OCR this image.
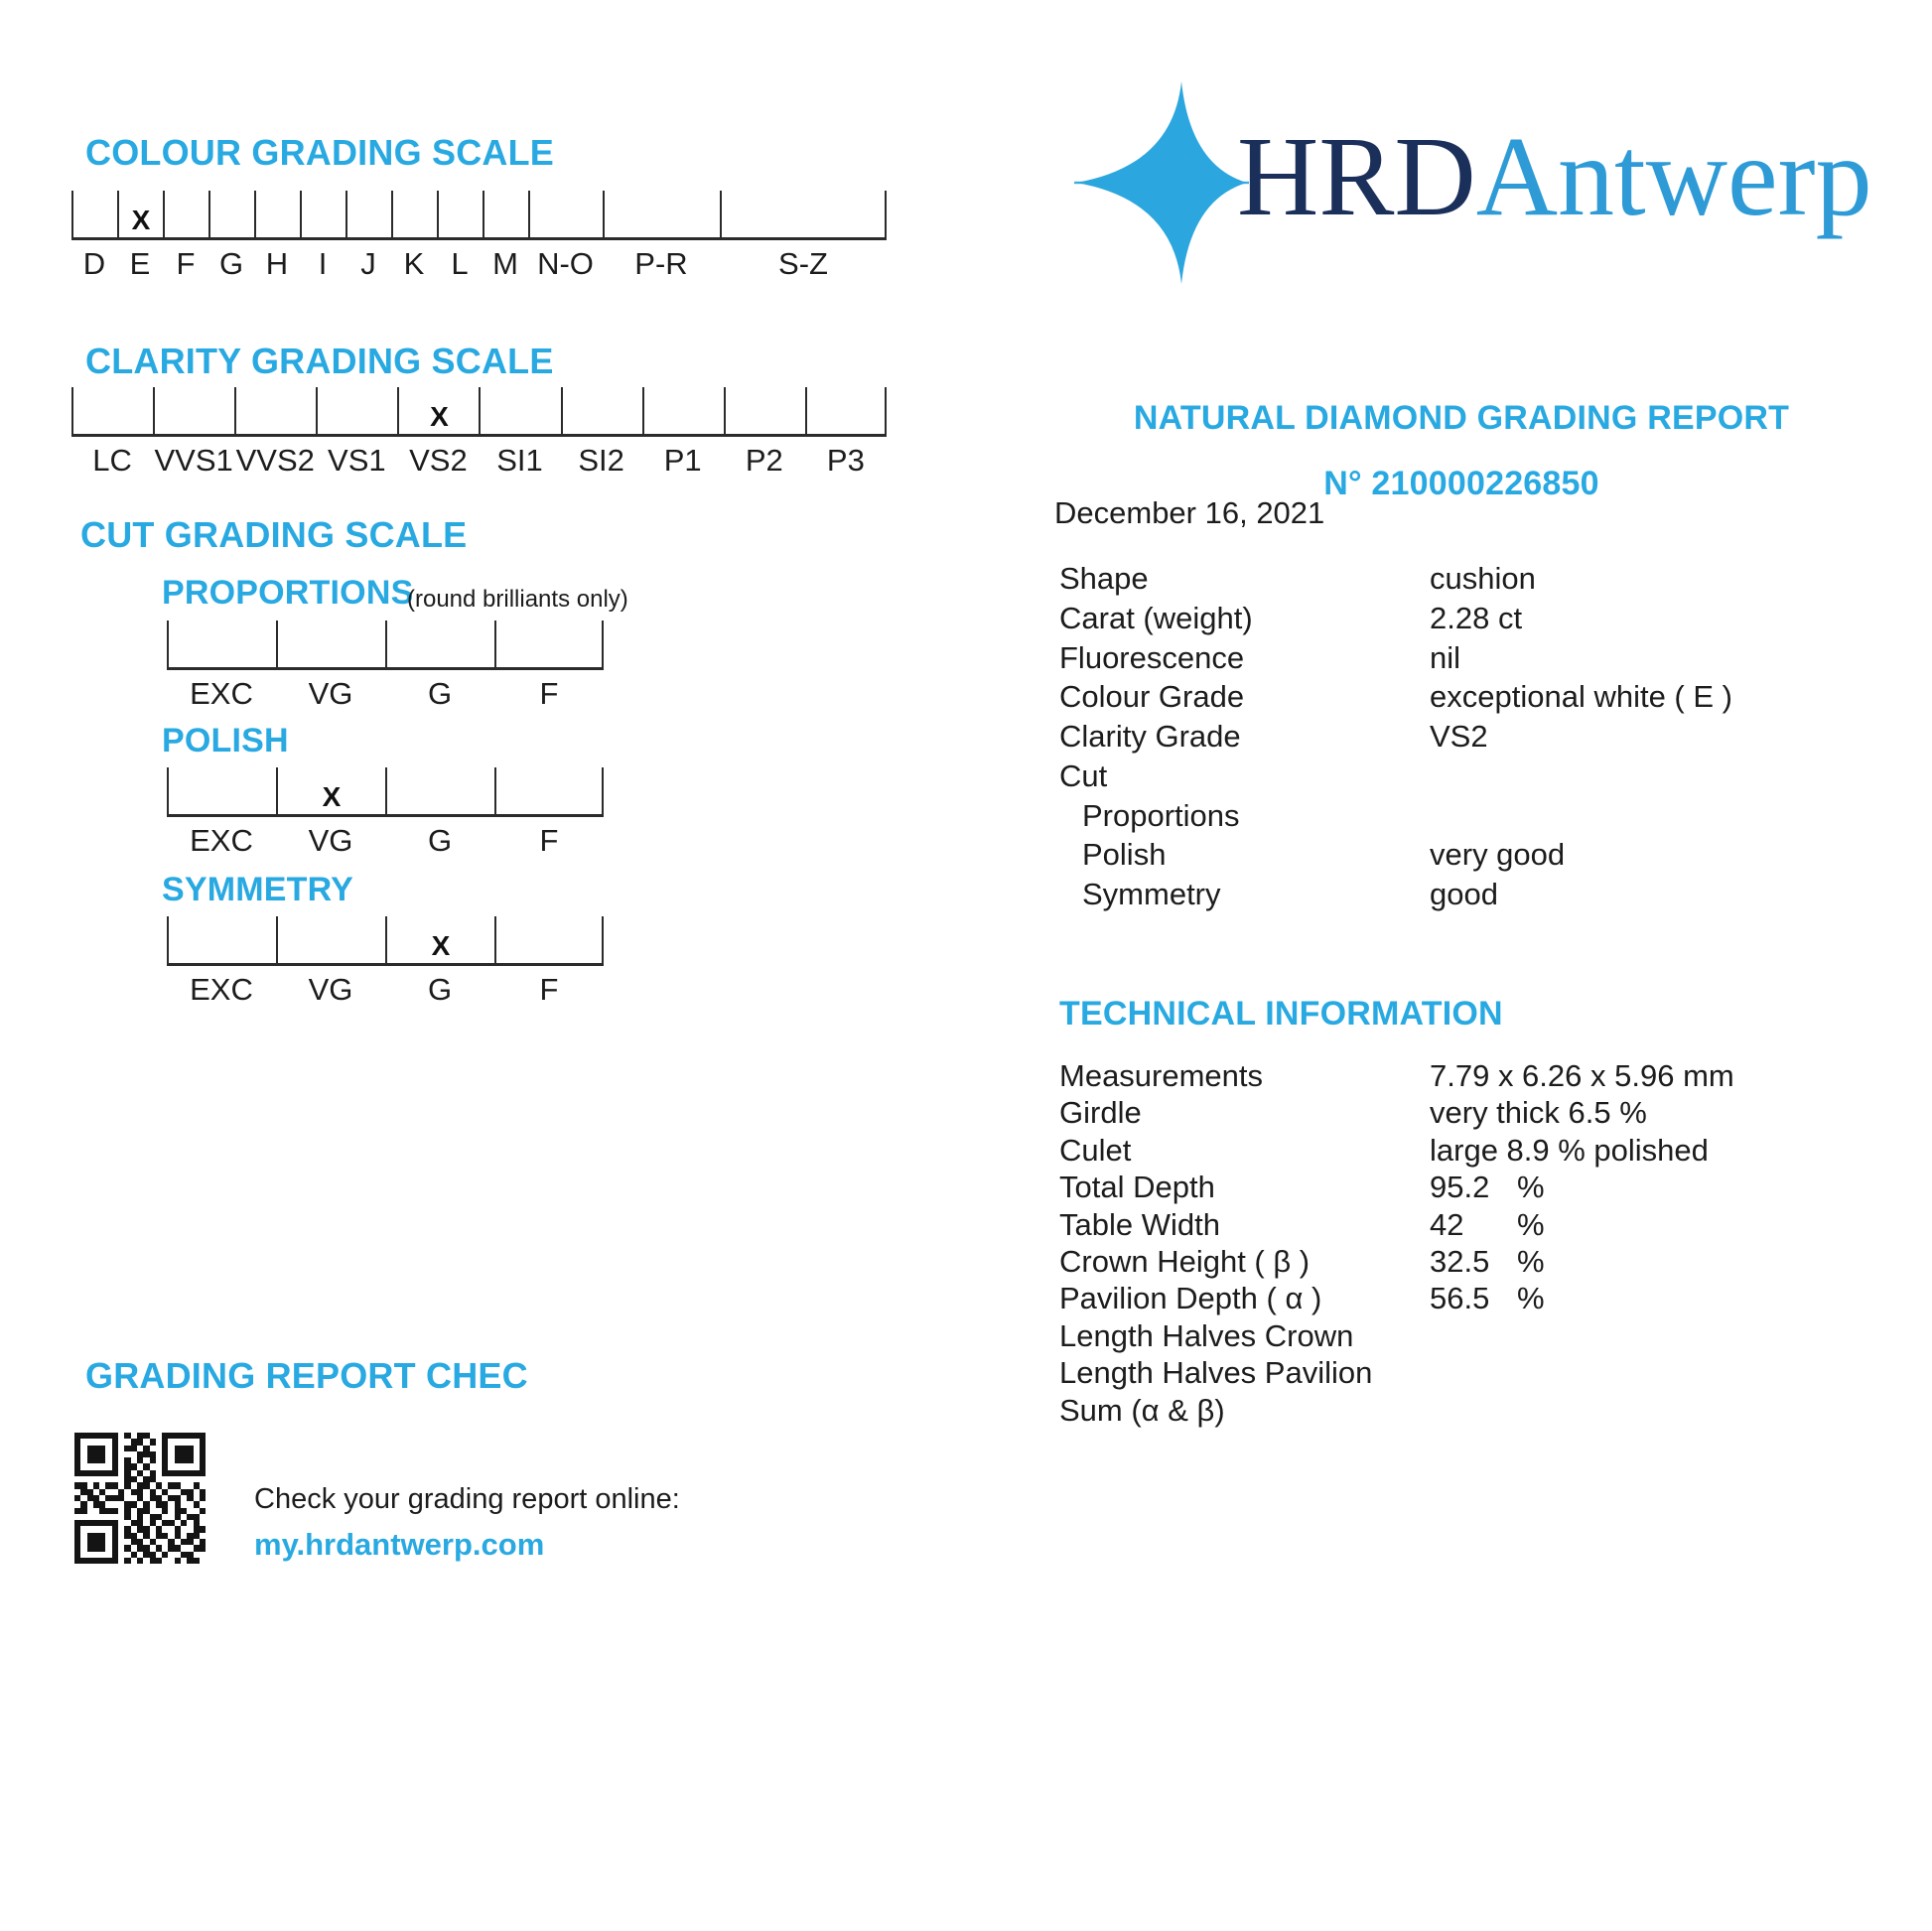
COLOUR GRADING SCALE
X
D E F G H I	J K L M N-O	P-R	S-Z
CLARITY GRADING SCALE
X
LC VVS1 VVS2 VS1 VS2 SI1	SI2	P1	P2	P3
CUT GRADING SCALE
PROPORTIONS
(round brilliants only)
EXC	VG	G	F
POLISH
X
EXC	VG	G	F
SYMMETRY
X
EXC	VG	G	F
GRADING REPORT CHEC
Check your grading report online:
my.hrdantwerp.com
HRDAntwerp
NATURAL DIAMOND GRADING REPORT
N° 210000226850
December 16, 2021
Shape	cushion
Carat (weight)	2.28 ct
Fluorescence	nil
Colour Grade	exceptional white ( E )
Clarity Grade	VS2
Cut
Proportions
Polish	very good
Symmetry	good
TECHNICAL INFORMATION
Measurements	7.79 x 6.26 x 5.96 mm
Girdle	very thick 6.5 %
Culet	large 8.9 % polished
Total Depth	95.2 %
Table Width	42 %
Crown Height ( β )	32.5 %
Pavilion Depth ( α )	56.5 %
Length Halves Crown
Length Halves Pavilion
Sum (α & β)
